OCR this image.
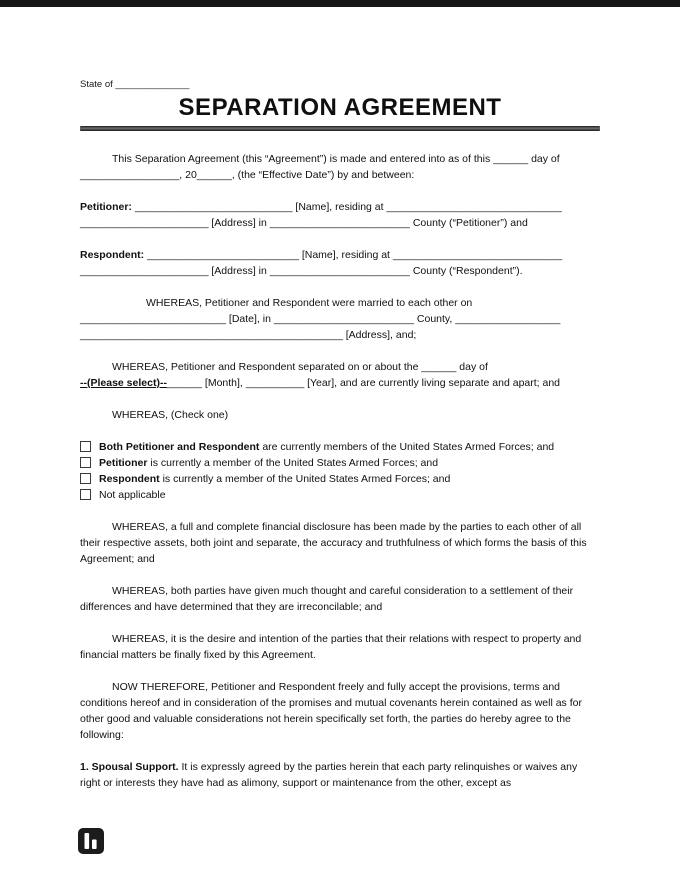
State of ______________
SEPARATION AGREEMENT
This Separation Agreement (this “Agreement”) is made and entered into as of this ______ day of
_________________, 20______, (the “Effective Date”) by and between:
Petitioner: ___________________________ [Name], residing at ______________________________
______________________ [Address] in ________________________ County (“Petitioner”) and
Respondent: __________________________ [Name], residing at _____________________________
______________________ [Address] in ________________________ County (“Respondent”).
WHEREAS, Petitioner and Respondent were married to each other on
_________________________ [Date], in ________________________ County, __________________
_____________________________________________ [Address], and;
WHEREAS, Petitioner and Respondent separated on or about the ______ day of
--(Please select)--______ [Month], __________ [Year], and are currently living separate and apart; and
WHEREAS, (Check one)
Both Petitioner and Respondent are currently members of the United States Armed Forces; and
Petitioner is currently a member of the United States Armed Forces; and
Respondent is currently a member of the United States Armed Forces; and
Not applicable
WHEREAS, a full and complete financial disclosure has been made by the parties to each other of all their respective assets, both joint and separate, the accuracy and truthfulness of which forms the basis of this Agreement; and
WHEREAS, both parties have given much thought and careful consideration to a settlement of their differences and have determined that they are irreconcilable; and
WHEREAS, it is the desire and intention of the parties that their relations with respect to property and financial matters be finally fixed by this Agreement.
NOW THEREFORE, Petitioner and Respondent freely and fully accept the provisions, terms and conditions hereof and in consideration of the promises and mutual covenants herein contained as well as for other good and valuable considerations not herein specifically set forth, the parties do hereby agree to the following:
1. Spousal Support. It is expressly agreed by the parties herein that each party relinquishes or waives any right or interests they have had as alimony, support or maintenance from the other, except as
